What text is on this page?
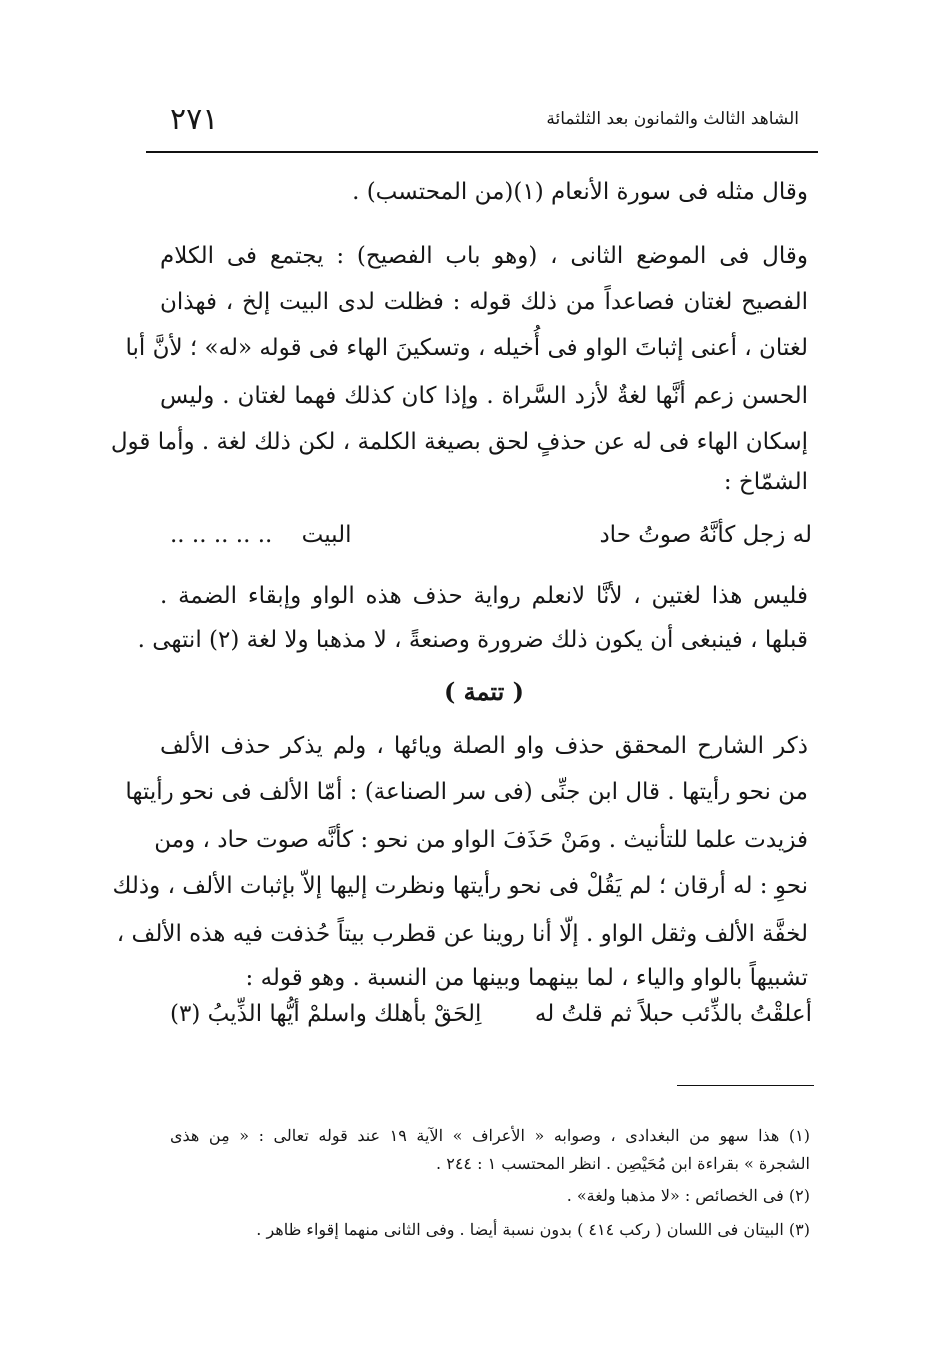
الشاهد الثالث والثمانون بعد الثلثمائة
٢٧١
وقال مثله فى سورة الأنعام (١)(من المحتسب) .
وقال فى الموضع الثانى ، (وهو باب الفصيح) : يجتمع فى الكلام
الفصيح لغتان فصاعداً من ذلك قوله : فظلت لدى البيت إلخ ، فهذان
لغتان ، أعنى إثباتَ الواو فى أُخيله ، وتسكينَ الهاء فى قوله «له» ؛ لأنَّ أبا
الحسن زعم أنَّها لغةٌ لأزد السَّراة . وإذا كان كذلك فهما لغتان . وليس
إسكان الهاء فى له عن حذفٍ لحق بصيغة الكلمة ، لكن ذلك لغة . وأما قول
الشمّاخ :
له زجل كأنَّهُ صوتُ حاد
.. .. .. .. .. البيت
فليس هذا لغتين ، لأنَّا لانعلم رواية حذف هذه الواو وإبقاء الضمة .
قبلها ، فينبغى أن يكون ذلك ضرورة وصنعةً ، لا مذهبا ولا لغة (٢) انتهى .
( تتمة )
ذكر الشارح المحقق حذف واو الصلة ويائها ، ولم يذكر حذف الألف
من نحو رأيتها . قال ابن جنِّى (فى سر الصناعة) : أمّا الألف فى نحو رأيتها
فزيدت علما للتأنيث . ومَنْ حَذَفَ الواو من نحو : كأنَّه صوت حاد ، ومن
نحوِ : له أرقان ؛ لم يَقُلْ فى نحو رأيتها ونظرت إليها إلاّ بإثبات الألف ، وذلك
لخفَّة الألف وثقل الواو . إلّا أنا روينا عن قطرب بيتاً حُذفت فيه هذه الألف ،
تشبيهاً بالواو والياء ، لما بينهما وبينها من النسبة . وهو قوله :
أعلقْتُ بالذِّئب حبلاً ثم قلتُ له
اِلحَقْ بأهلك واسلمْ أيُّها الذِّيبُ (٣)
(١) هذا سهو من البغدادى ، وصوابه « الأعراف » الآية ١٩ عند قوله تعالى : « مِن هذى
الشجرة » بقراءة ابن مُحَيْصِن . انظر المحتسب ١ : ٢٤٤ .
(٢) فى الخصائص : «لا مذهبا ولغة» .
(٣) البيتان فى اللسان ( ركب ٤١٤ ) بدون نسبة أيضا . وفى الثانى منهما إقواء ظاهر .
